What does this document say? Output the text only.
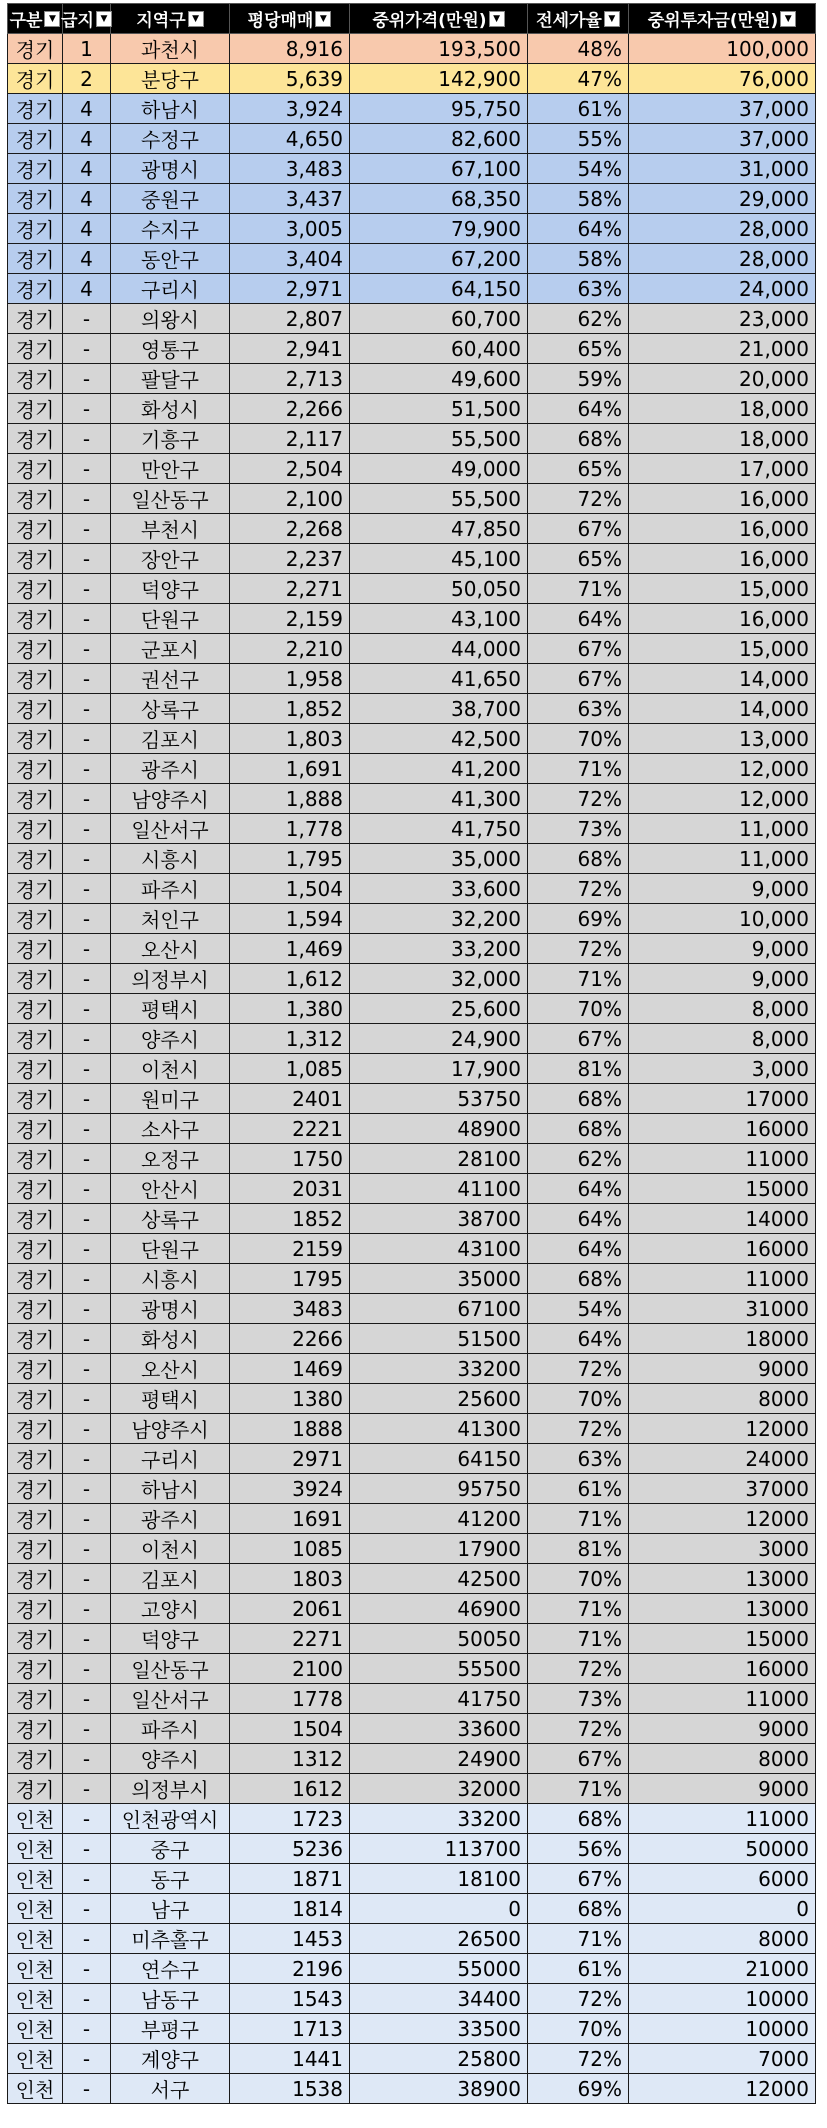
구분 ▼	급지 ▼	지역구 ▼	평당매매 ▼	중위가격(만원) ▼	전세가율 ▼	중위투자금(만원) ▼

경기	1	과천시	8,916	193,500	48%	100,000
경기	2	분당구	5,639	142,900	47%	76,000
경기	4	하남시	3,924	95,750	61%	37,000
경기	4	수정구	4,650	82,600	55%	37,000
경기	4	광명시	3,483	67,100	54%	31,000
경기	4	중원구	3,437	68,350	58%	29,000
경기	4	수지구	3,005	79,900	64%	28,000
경기	4	동안구	3,404	67,200	58%	28,000
경기	4	구리시	2,971	64,150	63%	24,000
경기	-	의왕시	2,807	60,700	62%	23,000
경기	-	영통구	2,941	60,400	65%	21,000
경기	-	팔달구	2,713	49,600	59%	20,000
경기	-	화성시	2,266	51,500	64%	18,000
경기	-	기흥구	2,117	55,500	68%	18,000
경기	-	만안구	2,504	49,000	65%	17,000
경기	-	일산동구	2,100	55,500	72%	16,000
경기	-	부천시	2,268	47,850	67%	16,000
경기	-	장안구	2,237	45,100	65%	16,000
경기	-	덕양구	2,271	50,050	71%	15,000
경기	-	단원구	2,159	43,100	64%	16,000
경기	-	군포시	2,210	44,000	67%	15,000
경기	-	권선구	1,958	41,650	67%	14,000
경기	-	상록구	1,852	38,700	63%	14,000
경기	-	김포시	1,803	42,500	70%	13,000
경기	-	광주시	1,691	41,200	71%	12,000
경기	-	남양주시	1,888	41,300	72%	12,000
경기	-	일산서구	1,778	41,750	73%	11,000
경기	-	시흥시	1,795	35,000	68%	11,000
경기	-	파주시	1,504	33,600	72%	9,000
경기	-	처인구	1,594	32,200	69%	10,000
경기	-	오산시	1,469	33,200	72%	9,000
경기	-	의정부시	1,612	32,000	71%	9,000
경기	-	평택시	1,380	25,600	70%	8,000
경기	-	양주시	1,312	24,900	67%	8,000
경기	-	이천시	1,085	17,900	81%	3,000
경기	-	원미구	2401	53750	68%	17000
경기	-	소사구	2221	48900	68%	16000
경기	-	오정구	1750	28100	62%	11000
경기	-	안산시	2031	41100	64%	15000
경기	-	상록구	1852	38700	64%	14000
경기	-	단원구	2159	43100	64%	16000
경기	-	시흥시	1795	35000	68%	11000
경기	-	광명시	3483	67100	54%	31000
경기	-	화성시	2266	51500	64%	18000
경기	-	오산시	1469	33200	72%	9000
경기	-	평택시	1380	25600	70%	8000
경기	-	남양주시	1888	41300	72%	12000
경기	-	구리시	2971	64150	63%	24000
경기	-	하남시	3924	95750	61%	37000
경기	-	광주시	1691	41200	71%	12000
경기	-	이천시	1085	17900	81%	3000
경기	-	김포시	1803	42500	70%	13000
경기	-	고양시	2061	46900	71%	13000
경기	-	덕양구	2271	50050	71%	15000
경기	-	일산동구	2100	55500	72%	16000
경기	-	일산서구	1778	41750	73%	11000
경기	-	파주시	1504	33600	72%	9000
경기	-	양주시	1312	24900	67%	8000
경기	-	의정부시	1612	32000	71%	9000
인천	-	인천광역시	1723	33200	68%	11000
인천	-	중구	5236	113700	56%	50000
인천	-	동구	1871	18100	67%	6000
인천	-	남구	1814	0	68%	0
인천	-	미추홀구	1453	26500	71%	8000
인천	-	연수구	2196	55000	61%	21000
인천	-	남동구	1543	34400	72%	10000
인천	-	부평구	1713	33500	70%	10000
인천	-	계양구	1441	25800	72%	7000
인천	-	서구	1538	38900	69%	12000
